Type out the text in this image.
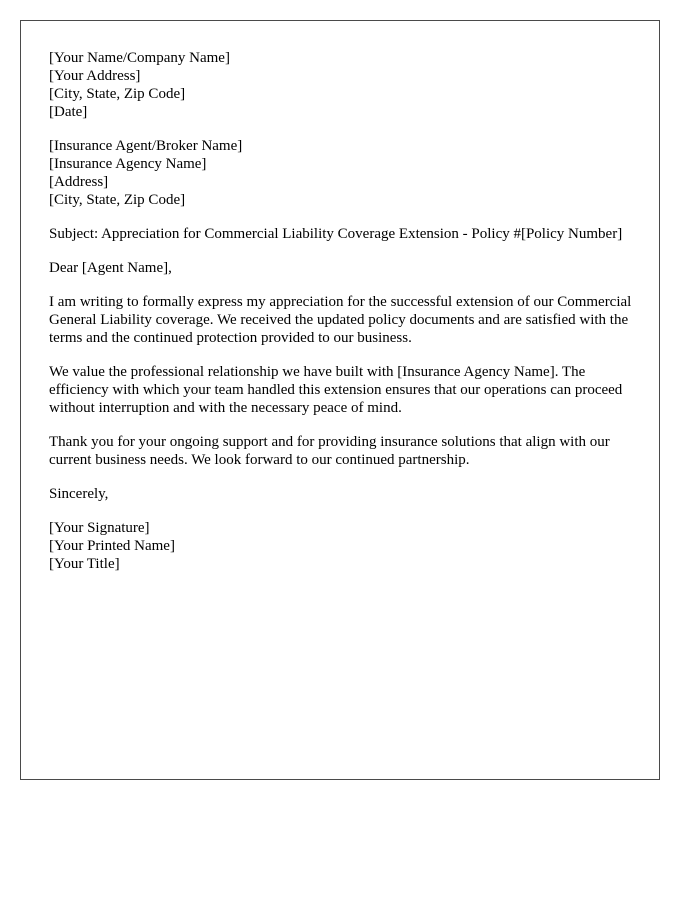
[Your Name/Company Name]
[Your Address]
[City, State, Zip Code]
[Date]
[Insurance Agent/Broker Name]
[Insurance Agency Name]
[Address]
[City, State, Zip Code]

Subject: Appreciation for Commercial Liability Coverage Extension - Policy #[Policy Number]

Dear [Agent Name],

I am writing to formally express my appreciation for the successful extension of our Commercial General Liability coverage. We received the updated policy documents and are satisfied with the terms and the continued protection provided to our business.

We value the professional relationship we have built with [Insurance Agency Name]. The efficiency with which your team handled this extension ensures that our operations can proceed without interruption and with the necessary peace of mind.

Thank you for your ongoing support and for providing insurance solutions that align with our current business needs. We look forward to our continued partnership.

Sincerely,

[Your Signature]
[Your Printed Name]
[Your Title]
